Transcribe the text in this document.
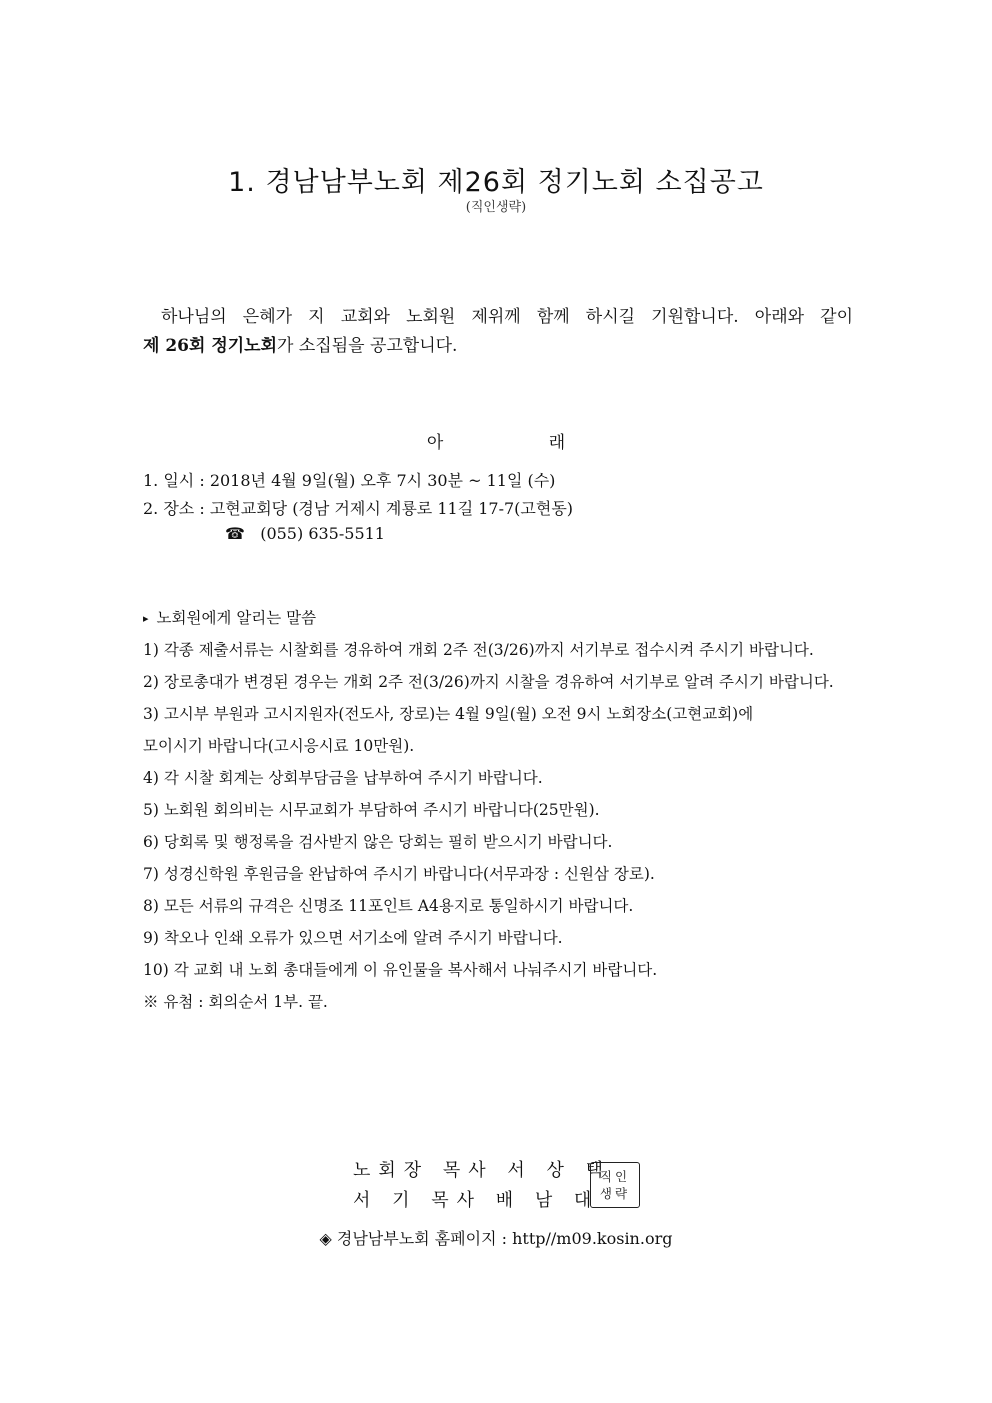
1. 경남남부노회 제26회 정기노회 소집공고
(직인생략)
하나님의 은혜가 지 교회와 노회원 제위께 함께 하시길 기원합니다. 아래와 같이
제 26회 정기노회가 소집됨을 공고합니다.
아 래
1. 일시 : 2018년 4월 9일(월) 오후 7시 30분 ~ 11일 (수)
2. 장소 : 고현교회당 (경남 거제시 계룡로 11길 17-7(고현동)
☎ (055) 635-5511
▸ 노회원에게 알리는 말씀
1) 각종 제출서류는 시찰회를 경유하여 개회 2주 전(3/26)까지 서기부로 접수시켜 주시기 바랍니다.
2) 장로총대가 변경된 경우는 개회 2주 전(3/26)까지 시찰을 경유하여 서기부로 알려 주시기 바랍니다.
3) 고시부 부원과 고시지원자(전도사, 장로)는 4월 9일(월) 오전 9시 노회장소(고현교회)에
모이시기 바랍니다(고시응시료 10만원).
4) 각 시찰 회계는 상회부담금을 납부하여 주시기 바랍니다.
5) 노회원 회의비는 시무교회가 부담하여 주시기 바랍니다(25만원).
6) 당회록 및 행정록을 검사받지 않은 당회는 필히 받으시기 바랍니다.
7) 성경신학원 후원금을 완납하여 주시기 바랍니다(서무과장 : 신원삼 장로).
8) 모든 서류의 규격은 신명조 11포인트 A4용지로 통일하시기 바랍니다.
9) 착오나 인쇄 오류가 있으면 서기소에 알려 주시기 바랍니다.
10) 각 교회 내 노회 총대들에게 이 유인물을 복사해서 나눠주시기 바랍니다.
※ 유첨 : 회의순서 1부. 끝.
노회장 목사 서 상 택
서 기 목사 배 남 대
직인
생략
◈ 경남남부노회 홈페이지 : http//m09.kosin.org
